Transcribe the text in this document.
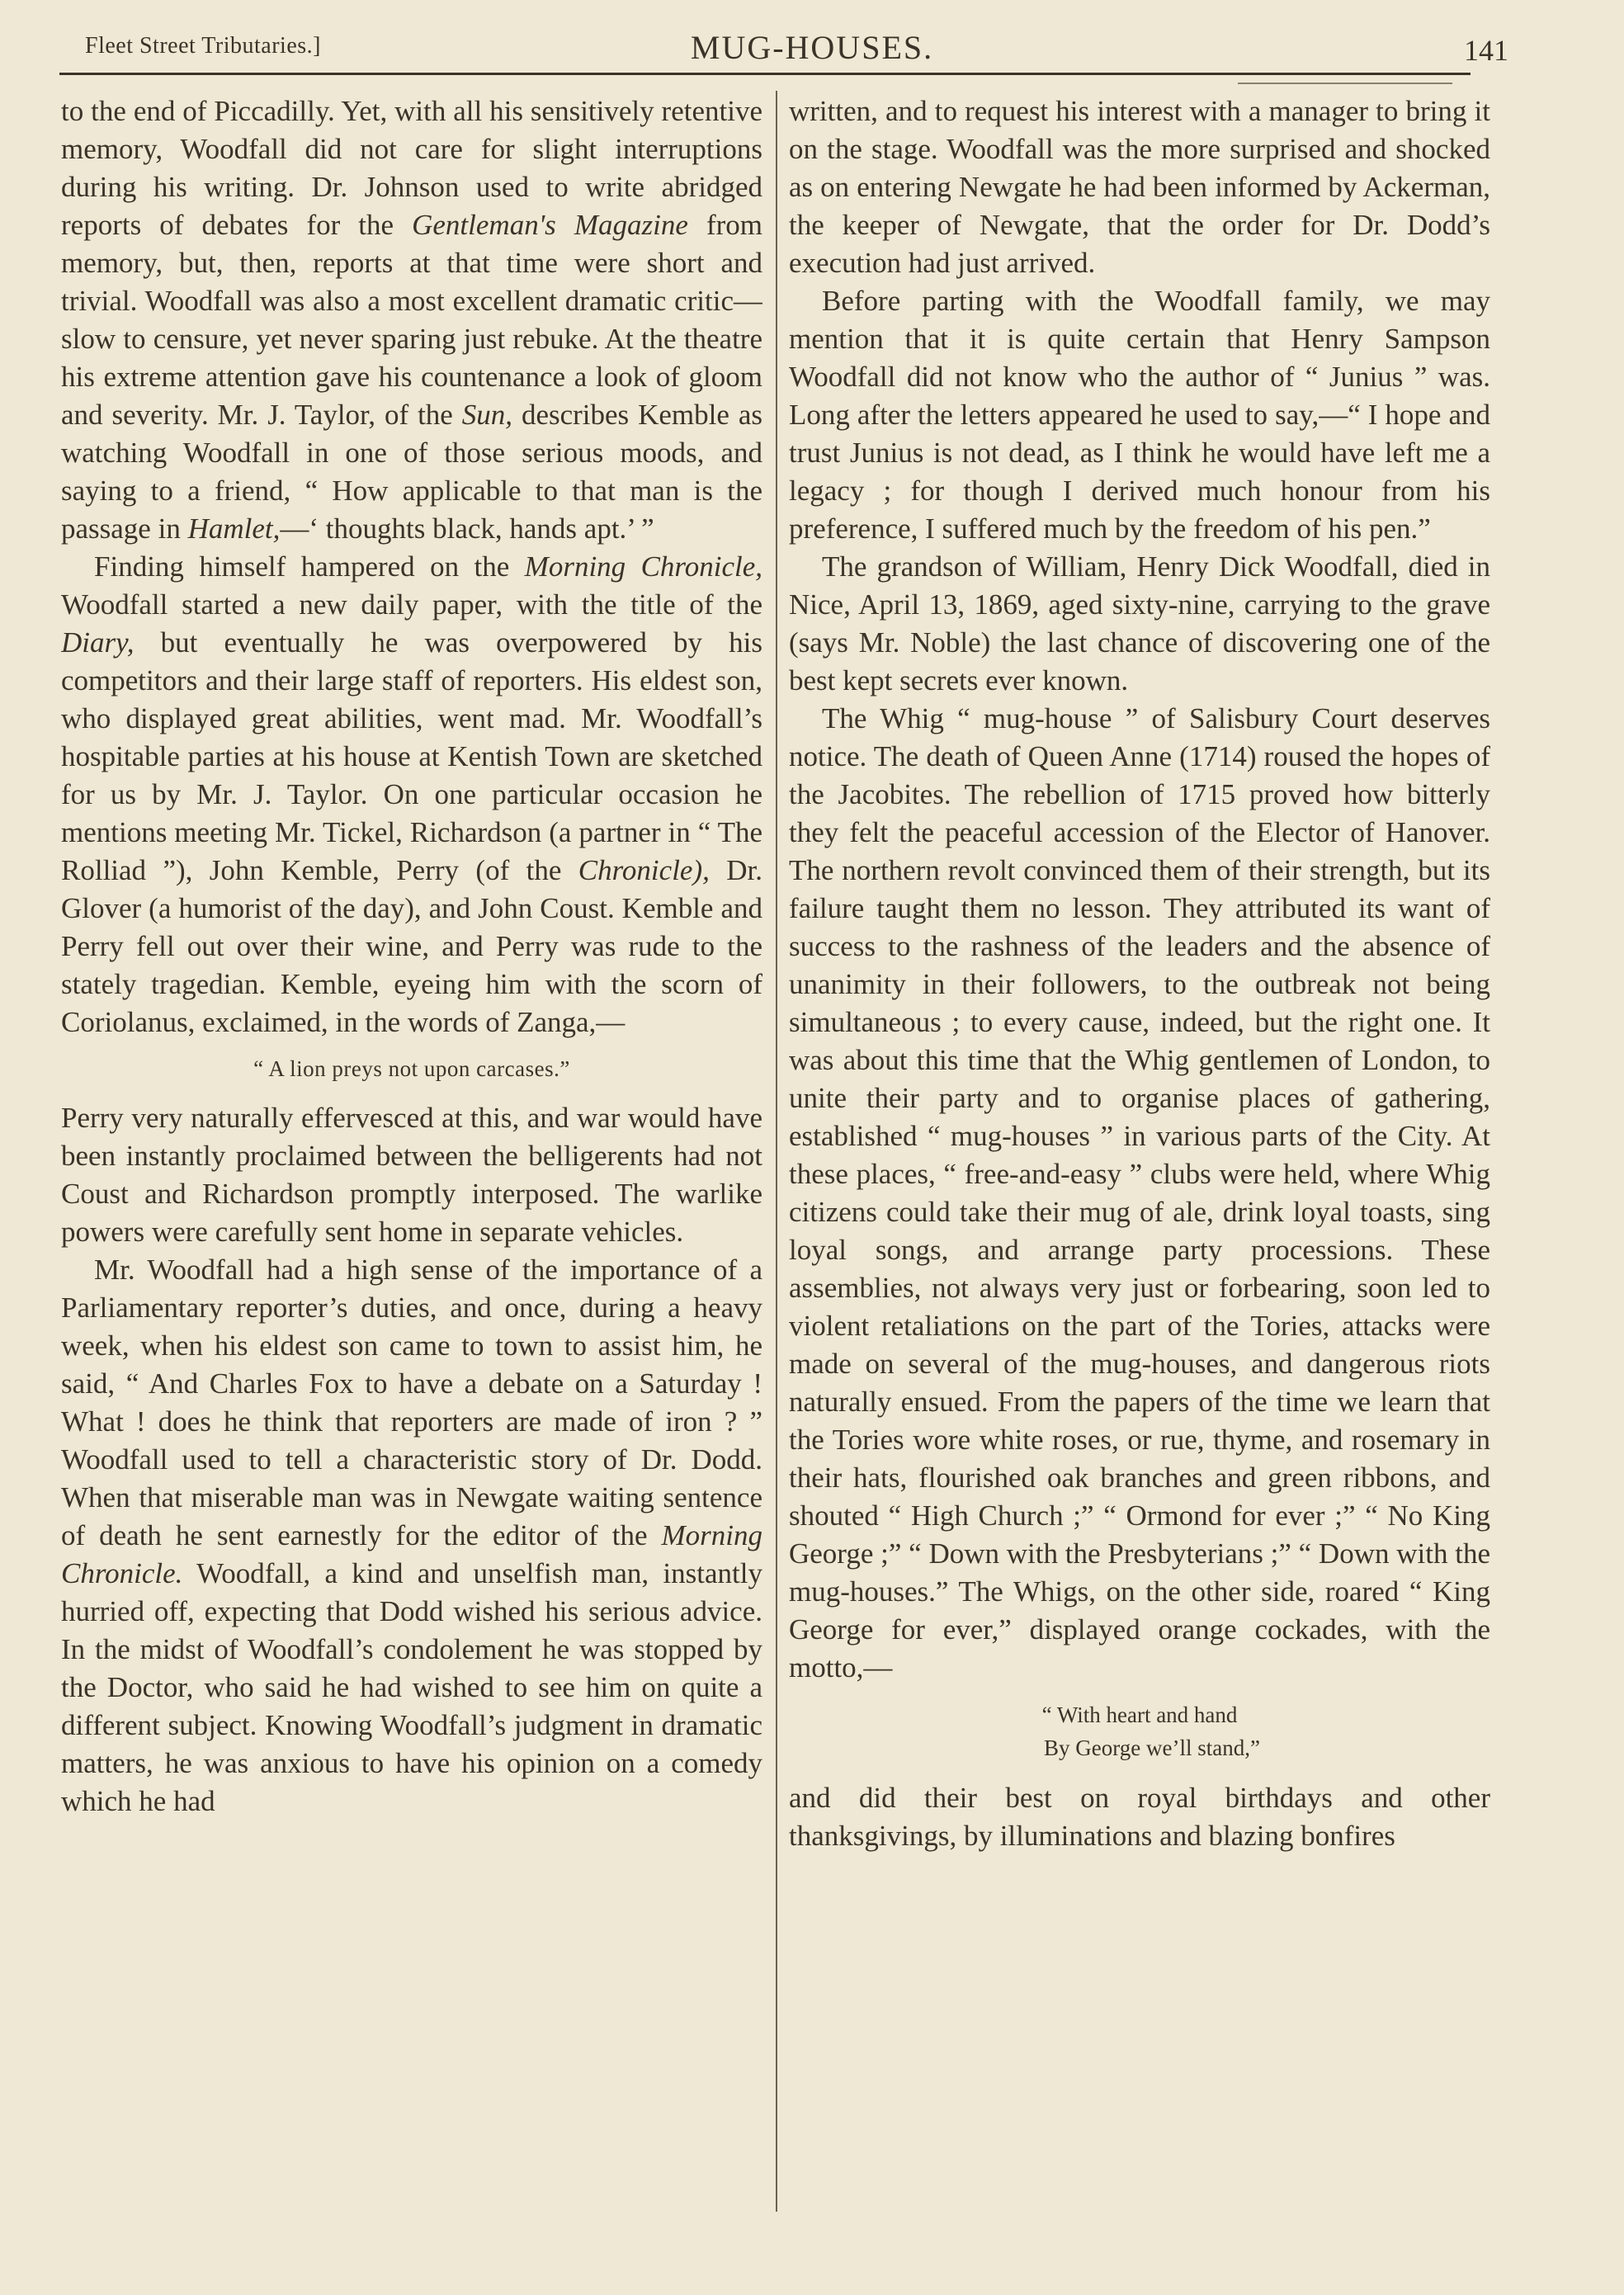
Fleet Street Tributaries.]	MUG-HOUSES.	141

to the end of Piccadilly. Yet, with all his sensitively retentive memory, Woodfall did not care for slight interruptions during his writing. Dr. Johnson used to write abridged reports of debates for the Gentleman's Magazine from memory, but, then, reports at that time were short and trivial. Woodfall was also a most excellent dramatic critic—slow to censure, yet never sparing just rebuke. At the theatre his extreme attention gave his countenance a look of gloom and severity. Mr. J. Taylor, of the Sun, describes Kemble as watching Woodfall in one of those serious moods, and saying to a friend, “ How applicable to that man is the passage in Hamlet,—‘ thoughts black, hands apt.’ ”

Finding himself hampered on the Morning Chronicle, Woodfall started a new daily paper, with the title of the Diary, but eventually he was overpowered by his competitors and their large staff of reporters. His eldest son, who displayed great abilities, went mad. Mr. Woodfall’s hospitable parties at his house at Kentish Town are sketched for us by Mr. J. Taylor. On one particular occasion he mentions meeting Mr. Tickel, Richardson (a partner in “ The Rolliad ”), John Kemble, Perry (of the Chronicle), Dr. Glover (a humorist of the day), and John Coust. Kemble and Perry fell out over their wine, and Perry was rude to the stately tragedian. Kemble, eyeing him with the scorn of Coriolanus, exclaimed, in the words of Zanga,—

“ A lion preys not upon carcases.”

Perry very naturally effervesced at this, and war would have been instantly proclaimed between the belligerents had not Coust and Richardson promptly interposed. The warlike powers were carefully sent home in separate vehicles.

Mr. Woodfall had a high sense of the importance of a Parliamentary reporter’s duties, and once, during a heavy week, when his eldest son came to town to assist him, he said, “ And Charles Fox to have a debate on a Saturday ! What ! does he think that reporters are made of iron ? ” Woodfall used to tell a characteristic story of Dr. Dodd. When that miserable man was in Newgate waiting sentence of death he sent earnestly for the editor of the Morning Chronicle. Woodfall, a kind and unselfish man, instantly hurried off, expecting that Dodd wished his serious advice. In the midst of Woodfall’s condolement he was stopped by the Doctor, who said he had wished to see him on quite a different subject. Knowing Woodfall’s judgment in dramatic matters, he was anxious to have his opinion on a comedy which he had

written, and to request his interest with a manager to bring it on the stage. Woodfall was the more surprised and shocked as on entering Newgate he had been informed by Ackerman, the keeper of Newgate, that the order for Dr. Dodd’s execution had just arrived.

Before parting with the Woodfall family, we may mention that it is quite certain that Henry Sampson Woodfall did not know who the author of “ Junius ” was. Long after the letters appeared he used to say,—“ I hope and trust Junius is not dead, as I think he would have left me a legacy ; for though I derived much honour from his preference, I suffered much by the freedom of his pen.”

The grandson of William, Henry Dick Woodfall, died in Nice, April 13, 1869, aged sixty-nine, carrying to the grave (says Mr. Noble) the last chance of discovering one of the best kept secrets ever known.

The Whig “ mug-house ” of Salisbury Court deserves notice. The death of Queen Anne (1714) roused the hopes of the Jacobites. The rebellion of 1715 proved how bitterly they felt the peaceful accession of the Elector of Hanover. The northern revolt convinced them of their strength, but its failure taught them no lesson. They attributed its want of success to the rashness of the leaders and the absence of unanimity in their followers, to the outbreak not being simultaneous ; to every cause, indeed, but the right one. It was about this time that the Whig gentlemen of London, to unite their party and to organise places of gathering, established “ mug-houses ” in various parts of the City. At these places, “ free-and-easy ” clubs were held, where Whig citizens could take their mug of ale, drink loyal toasts, sing loyal songs, and arrange party processions. These assemblies, not always very just or forbearing, soon led to violent retaliations on the part of the Tories, attacks were made on several of the mug-houses, and dangerous riots naturally ensued. From the papers of the time we learn that the Tories wore white roses, or rue, thyme, and rosemary in their hats, flourished oak branches and green ribbons, and shouted “ High Church ;” “ Ormond for ever ;” “ No King George ;” “ Down with the Presbyterians ;” “ Down with the mug-houses.” The Whigs, on the other side, roared “ King George for ever,” displayed orange cockades, with the motto,—

“ With heart and hand
By George we’ll stand,”

and did their best on royal birthdays and other thanksgivings, by illuminations and blazing bonfires
